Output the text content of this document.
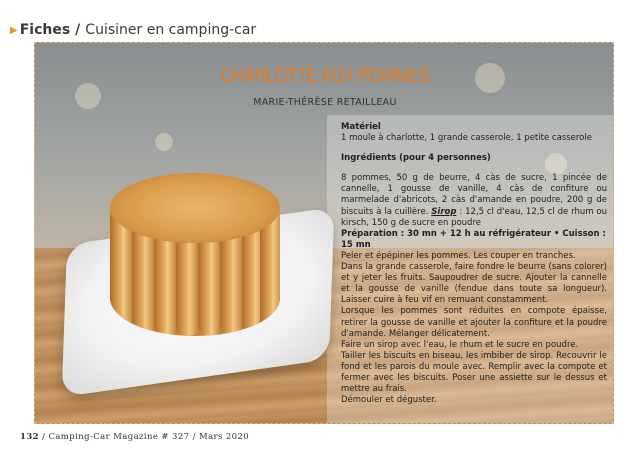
▶ Fiches / Cuisiner en camping-car
CHARLOTTE AUX POMMES
MARIE-THÉRÈSE RETAILLEAU
Matériel
1 moule à charlotte, 1 grande casserole, 1 petite casserole
Ingrédients (pour 4 personnes)
8 pommes, 50 g de beurre, 4 càs de sucre, 1 pincée de cannelle, 1 gousse de vanille, 4 càs de confiture ou marmelade d'abricots, 2 càs d'amande en poudre, 200 g de biscuits à la cuillère. Sirop : 12,5 cl d'eau, 12,5 cl de rhum ou kirsch, 150 g de sucre en poudre
Préparation : 30 mn + 12 h au réfrigérateur • Cuisson : 15 mn
Peler et épépiner les pommes. Les couper en tranches.
Dans la grande casserole, faire fondre le beurre (sans colorer) et y jeter les fruits. Saupoudrer de sucre. Ajouter la cannelle et la gousse de vanille (fendue dans toute sa longueur). Laisser cuire à feu vif en remuant constamment.
Lorsque les pommes sont réduites en compote épaisse, retirer la gousse de vanille et ajouter la confiture et la poudre d'amande. Mélanger délicatement.
Faire un sirop avec l'eau, le rhum et le sucre en poudre.
Tailler les biscuits en biseau, les imbiber de sirop. Recouvrir le fond et les parois du moule avec. Remplir avec la compote et fermer avec les biscuits. Poser une assiette sur le dessus et mettre au frais.
Démouler et déguster.
132 / Camping-Car Magazine # 327 / Mars 2020
